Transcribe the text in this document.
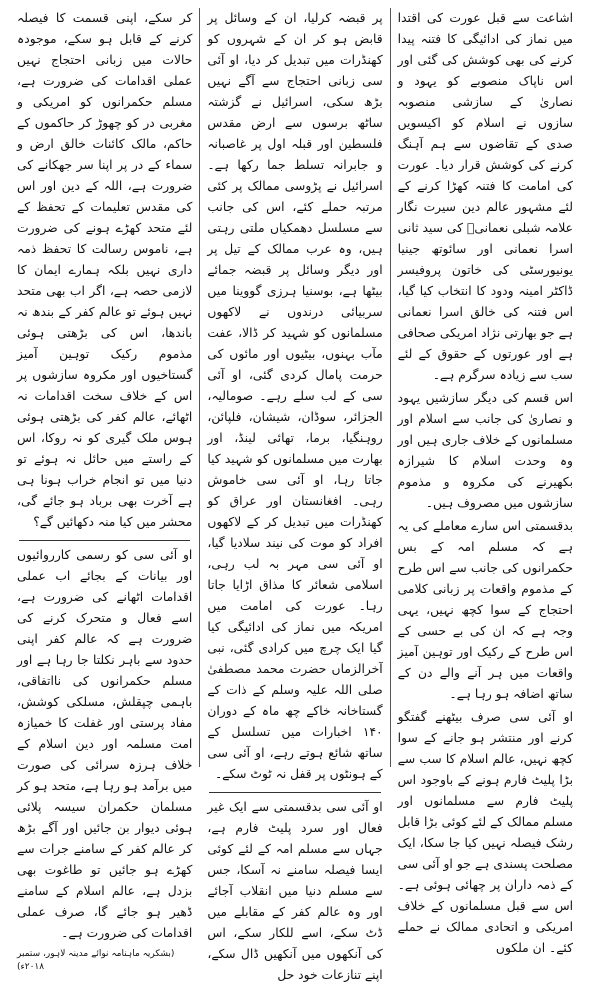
اشاعت سے قبل عورت کی اقتدا میں نماز کی ادائیگی کا فتنہ پیدا کرنے کی بھی کوشش کی گئی اور اس ناپاک منصوبے کو یہود و نصاریٰ کے سازشی منصوبہ سازوں نے اسلام کو اکیسویں صدی کے تقاضوں سے ہم آہنگ کرنے کی کوشش قرار دیا۔ عورت کی امامت کا فتنہ کھڑا کرنے کے لئے مشہور عالم دین سیرت نگار علامہ شبلی نعمانیؒ کی سید ثانی اسرا نعمانی اور سائوتھ جینیا یونیورسٹی کی خاتون پروفیسر ڈاکٹر امینہ ودود کا انتخاب کیا گیا، اس فتنہ کی خالق اسرا نعمانی ہے جو بھارتی نژاد امریکی صحافی ہے اور عورتوں کے حقوق کے لئے سب سے زیادہ سرگرم ہے۔

اس قسم کی دیگر سازشیں یہود و نصاریٰ کی جانب سے اسلام اور مسلمانوں کے خلاف جاری ہیں اور وہ وحدت اسلام کا شیرازہ بکھیرنے کی مکروہ و مذموم سازشوں میں مصروف ہیں۔

بدقسمتی اس سارے معاملے کی یہ ہے کہ مسلم امہ کے بس حکمرانوں کی جانب سے اس طرح کے مذموم واقعات پر زبانی کلامی احتجاج کے سوا کچھ نہیں، یہی وجہ ہے کہ ان کی بے حسی کے اس طرح کے رکیک اور توہین آمیز واقعات میں ہر آنے والے دن کے ساتھ اضافہ ہو رہا ہے۔

او آئی سی صرف بیٹھنے گفتگو کرنے اور منتشر ہو جانے کے سوا کچھ نہیں، عالم اسلام کا سب سے بڑا پلیٹ فارم ہونے کے باوجود اس پلیٹ فارم سے مسلمانوں اور مسلم ممالک کے لئے کوئی بڑا قابل رشک فیصلہ نہیں کیا جا سکا، ایک مصلحت پسندی ہے جو او آئی سی کے ذمہ داران پر چھائی ہوئی ہے۔ اس سے قبل مسلمانوں کے خلاف امریکی و اتحادی ممالک نے حملے کئے۔ ان ملکوں

پر قبضہ کرلیا، ان کے وسائل پر قابض ہو کر ان کے شہروں کو کھنڈرات میں تبدیل کر دیا، او آئی سی زبانی احتجاج سے آگے نہیں بڑھ سکی، اسرائیل نے گزشتہ ساٹھ برسوں سے ارض مقدس فلسطین اور قبلہ اول پر غاصبانہ و جابرانہ تسلط جما رکھا ہے۔ اسرائیل نے پڑوسی ممالک پر کئی مرتبہ حملے کئے، اس کی جانب سے مسلسل دھمکیاں ملتی رہتی ہیں، وہ عرب ممالک کے تیل پر اور دیگر وسائل پر قبضہ جمائے بیٹھا ہے، بوسنیا ہرزی گووینا میں سربیائی درندوں نے لاکھوں مسلمانوں کو شہید کر ڈالا، عفت مآب بہنوں، بیٹیوں اور مائوں کی حرمت پامال کردی گئی، او آئی سی کے لب سلے رہے۔ صومالیہ، الجزائر، سوڈان، شیشان، فلپائن، روہنگیا، برما، تھائی لینڈ، اور بھارت میں مسلمانوں کو شہید کیا جاتا رہا، او آئی سی خاموش رہی۔ افغانستان اور عراق کو کھنڈرات میں تبدیل کر کے لاکھوں افراد کو موت کی نیند سلادیا گیا، او آئی سی مہر بہ لب رہی، اسلامی شعائر کا مذاق اڑایا جاتا رہا۔ عورت کی امامت میں امریکہ میں نماز کی ادائیگی کیا گیا ایک چرچ میں کرادی گئی، نبی آخرالزماں حضرت محمد مصطفیٰ صلی اللہ علیہ وسلم کے ذات کے گستاخانہ خاکے چھ ماہ کے دوران ۱۴۰ اخبارات میں تسلسل کے ساتھ شائع ہوتے رہے، او آئی سی کے ہونٹوں پر قفل نہ ٹوٹ سکے۔

او آئی سی بدقسمتی سے ایک غیر فعال اور سرد پلیٹ فارم ہے، جہاں سے مسلم امہ کے لئے کوئی ایسا فیصلہ سامنے نہ آسکا، جس سے مسلم دنیا میں انقلاب آجائے اور وہ عالم کفر کے مقابلے میں ڈٹ سکے، اسے للکار سکے، اس کی آنکھوں میں آنکھیں ڈال سکے، اپنے تنازعات خود حل

کر سکے، اپنی قسمت کا فیصلہ کرنے کے قابل ہو سکے، موجودہ حالات میں زبانی احتجاج نہیں عملی اقدامات کی ضرورت ہے، مسلم حکمرانوں کو امریکی و مغربی در کو چھوڑ کر حاکموں کے حاکم، مالک کائنات خالق ارض و سماء کے در پر اپنا سر جھکانے کی ضرورت ہے، اللہ کے دین اور اس کی مقدس تعلیمات کے تحفظ کے لئے متحد کھڑے ہونے کی ضرورت ہے، ناموس رسالت کا تحفظ ذمہ داری نہیں بلکہ ہمارے ایمان کا لازمی حصہ ہے، اگر اب بھی متحد نہیں ہوئے تو عالم کفر کے بندھ نہ باندھا، اس کی بڑھتی ہوئی مذموم رکیک توہین آمیز گستاخیوں اور مکروہ سازشوں پر اس کے خلاف سخت اقدامات نہ اٹھائے، عالم کفر کی بڑھتی ہوئی ہوس ملک گیری کو نہ روکا، اس کے راستے میں حائل نہ ہوئے تو دنیا میں تو انجام خراب ہونا ہی ہے آخرت بھی برباد ہو جائے گی، محشر میں کیا منہ دکھائیں گے؟

او آئی سی کو رسمی کارروائیوں اور بیانات کے بجائے اب عملی اقدامات اٹھانے کی ضرورت ہے، اسے فعال و متحرک کرنے کی ضرورت ہے کہ عالم کفر اپنی حدود سے باہر نکلتا جا رہا ہے اور مسلم حکمرانوں کی نااتفاقی، باہمی چپقلش، مسلکی کوشش، مفاد پرستی اور غفلت کا خمیازہ امت مسلمہ اور دین اسلام کے خلاف ہرزہ سرائی کی صورت میں برآمد ہو رہا ہے، متحد ہو کر مسلمان حکمران سیسہ پلائی ہوئی دیوار بن جائیں اور آگے بڑھ کر عالم کفر کے سامنے جرات سے کھڑے ہو جائیں تو طاغوت بھی بزدل ہے، عالم اسلام کے سامنے ڈھیر ہو جائے گا، صرف عملی اقدامات کی ضرورت ہے۔

(بشکریہ ماہنامہ نوائے مدینہ لاہور، ستمبر ۲۰۱۸ء)
